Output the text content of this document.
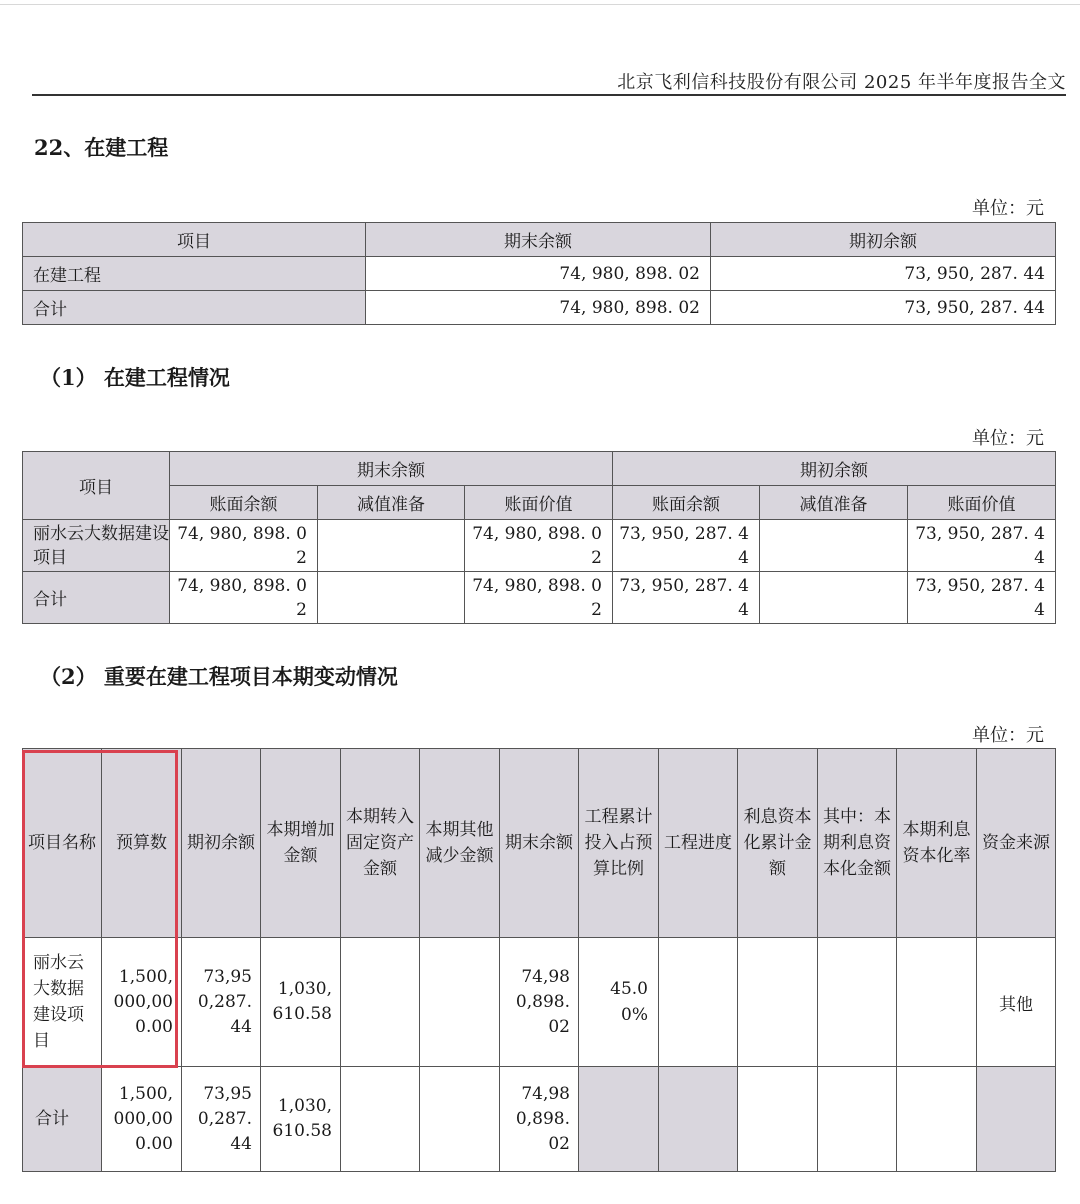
北京飞利信科技股份有限公司 2025 年半年度报告全文
22、在建工程
单位：元
项目	期末余额	期初余额
在建工程	74, 980, 898. 02	73, 950, 287. 44
合计	74, 980, 898. 02	73, 950, 287. 44
（1） 在建工程情况
单位：元
项目	期末余额			期初余额		
	账面余额	减值准备	账面价值	账面余额	减值准备	账面价值
丽水云大数据建设项目	74, 980, 898. 02		74, 980, 898. 02	73, 950, 287. 44		73, 950, 287. 44
合计	74, 980, 898. 02		74, 980, 898. 02	73, 950, 287. 44		73, 950, 287. 44
（2） 重要在建工程项目本期变动情况
单位：元
项目名称	预算数	期初余额	本期增加金额	本期转入固定资产金额	本期其他减少金额	期末余额	工程累计投入占预算比例	工程进度	利息资本化累计金额	其中：本期利息资本化金额	本期利息资本化率	资金来源
丽水云大数据建设项目	1,500,000,000.00	73,950,287.44	1,030,610.58			74,980,898.02	45.00%					其他
合计	1,500,000,000.00	73,950,287.44	1,030,610.58			74,980,898.02						
